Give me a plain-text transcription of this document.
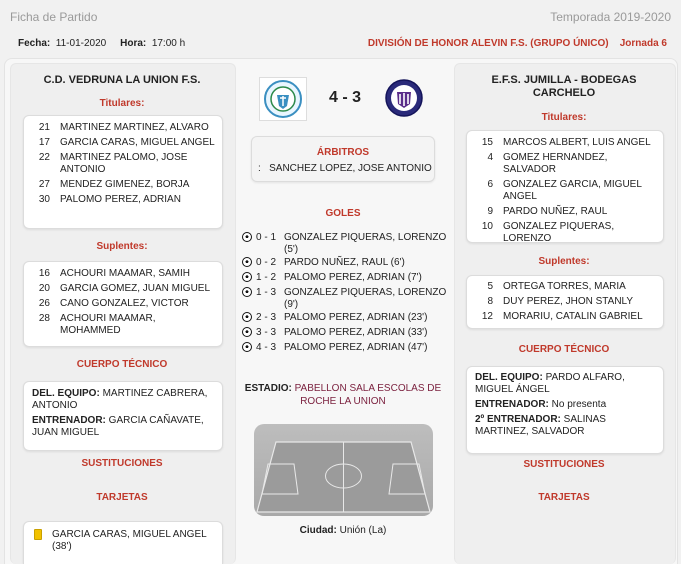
Ficha de Partido	Temporada 2019-2020
Fecha: 11-01-2020 Hora: 17:00 h	DIVISIÓN DE HONOR ALEVIN F.S. (GRUPO ÚNICO) Jornada 6
C.D. VEDRUNA LA UNION F.S.
Titulares:
21	MARTINEZ MARTINEZ, ALVARO
17	GARCIA CARAS, MIGUEL ANGEL
22	MARTINEZ PALOMO, JOSE ANTONIO
27	MENDEZ GIMENEZ, BORJA
30	PALOMO PEREZ, ADRIAN
Suplentes:
16	ACHOURI MAAMAR, SAMIH
20	GARCIA GOMEZ, JUAN MIGUEL
26	CANO GONZALEZ, VICTOR
28	ACHOURI MAAMAR, MOHAMMED
CUERPO TÉCNICO
DEL. EQUIPO: MARTINEZ CABRERA, ANTONIO
ENTRENADOR: GARCIA CAÑAVATE, JUAN MIGUEL
SUSTITUCIONES
TARJETAS
GARCIA CARAS, MIGUEL ANGEL
(38')
4 - 3
ÁRBITROS
: SANCHEZ LOPEZ, JOSE ANTONIO
GOLES
0 - 1 GONZALEZ PIQUERAS, LORENZO (5')
0 - 2 PARDO NUÑEZ, RAUL (6')
1 - 2 PALOMO PEREZ, ADRIAN (7')
1 - 3 GONZALEZ PIQUERAS, LORENZO (9')
2 - 3 PALOMO PEREZ, ADRIAN (23')
3 - 3 PALOMO PEREZ, ADRIAN (33')
4 - 3 PALOMO PEREZ, ADRIAN (47')
ESTADIO: PABELLON SALA ESCOLAS DE ROCHE LA UNION
Ciudad: Unión (La)
E.F.S. JUMILLA - BODEGAS CARCHELO
Titulares:
15	MARCOS ALBERT, LUIS ANGEL
4	GOMEZ HERNANDEZ, SALVADOR
6	GONZALEZ GARCIA, MIGUEL ANGEL
9	PARDO NUÑEZ, RAUL
10	GONZALEZ PIQUERAS, LORENZO
Suplentes:
5	ORTEGA TORRES, MARIA
8	DUY PEREZ, JHON STANLY
12	MORARIU, CATALIN GABRIEL
CUERPO TÉCNICO
DEL. EQUIPO: PARDO ALFARO, MIGUEL ÁNGEL
ENTRENADOR: No presenta
2º ENTRENADOR: SALINAS MARTINEZ, SALVADOR
SUSTITUCIONES
TARJETAS
